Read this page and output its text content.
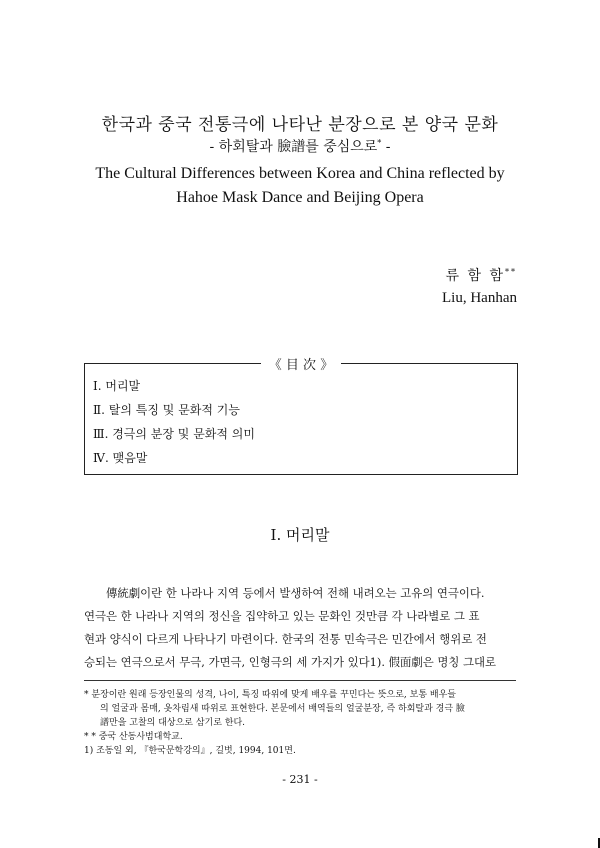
한국과 중국 전통극에 나타난 분장으로 본 양국 문화
- 하회탈과 臉譜를 중심으로* -
The Cultural Differences between Korea and China reflected by
Hahoe Mask Dance and Beijing Opera
류 함 함**
Liu, Hanhan
《 目 次 》
Ⅰ. 머리말
Ⅱ. 탈의 특징 및 문화적 기능
Ⅲ. 경극의 분장 및 문화적 의미
Ⅳ. 맺음말
Ⅰ. 머리말

傳統劇이란 한 나라나 지역 등에서 발생하여 전해 내려오는 고유의 연극이다.

연극은 한 나라나 지역의 정신을 집약하고 있는 문화인 것만큼 각 나라별로 그 표

현과 양식이 다르게 나타나기 마련이다. 한국의 전통 민속극은 민간에서 행위로 전

승되는 연극으로서 무극, 가면극, 인형극의 세 가지가 있다1). 假面劇은 명칭 그대로

* 분장이란 원래 등장인물의 성격, 나이, 특징 따위에 맞게 배우를 꾸민다는 뜻으로, 보통 배우들

의 얼굴과 몸매, 옷차림새 따위로 표현한다. 본문에서 배역들의 얼굴분장, 즉 하회탈과 경극 臉

譜만을 고찰의 대상으로 삼기로 한다.

* * 중국 산동사범대학교.

1) 조동일 외, 『한국문학강의』, 길벗, 1994, 101면.

- 231 -
